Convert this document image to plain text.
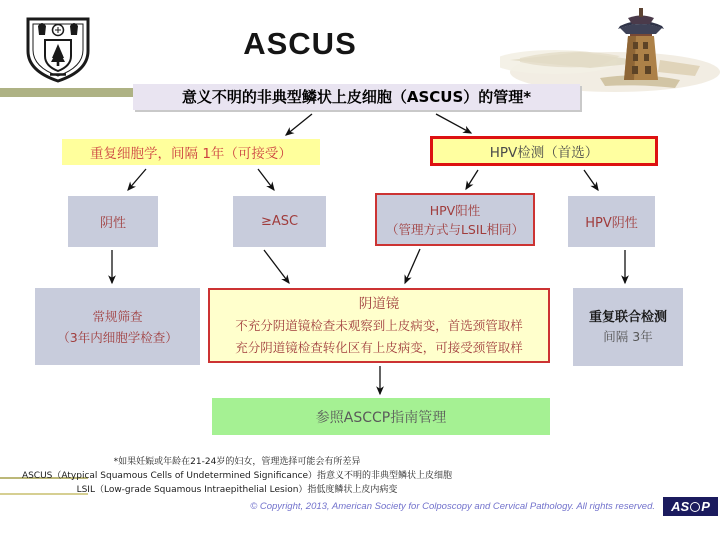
ASCUS
意义不明的非典型鳞状上皮细胞（ASCUS）的管理*
重复细胞学，间隔 1年（可接受）	HPV检测（首选）
阴性	≥ASC
HPV阳性
（管理方式与LSIL相同）	HPV阴性
常规筛查
（3年内细胞学检查）
阴道镜
不充分阴道镜检查未观察到上皮病变，首选颈管取样
充分阴道镜检查转化区有上皮病变，可接受颈管取样
重复联合检测
间隔 3年
参照ASCCP指南管理
*如果妊娠或年龄在21-24岁的妇女，管理选择可能会有所差异
ASCUS（Atypical Squamous Cells of Undetermined Significance）指意义不明的非典型鳞状上皮细胞
LSIL（Low-grade Squamous Intraepithelial Lesion）指低度鳞状上皮内病变
© Copyright, 2013, American Society for Colposcopy and Cervical Pathology. All rights reserved. AS P
